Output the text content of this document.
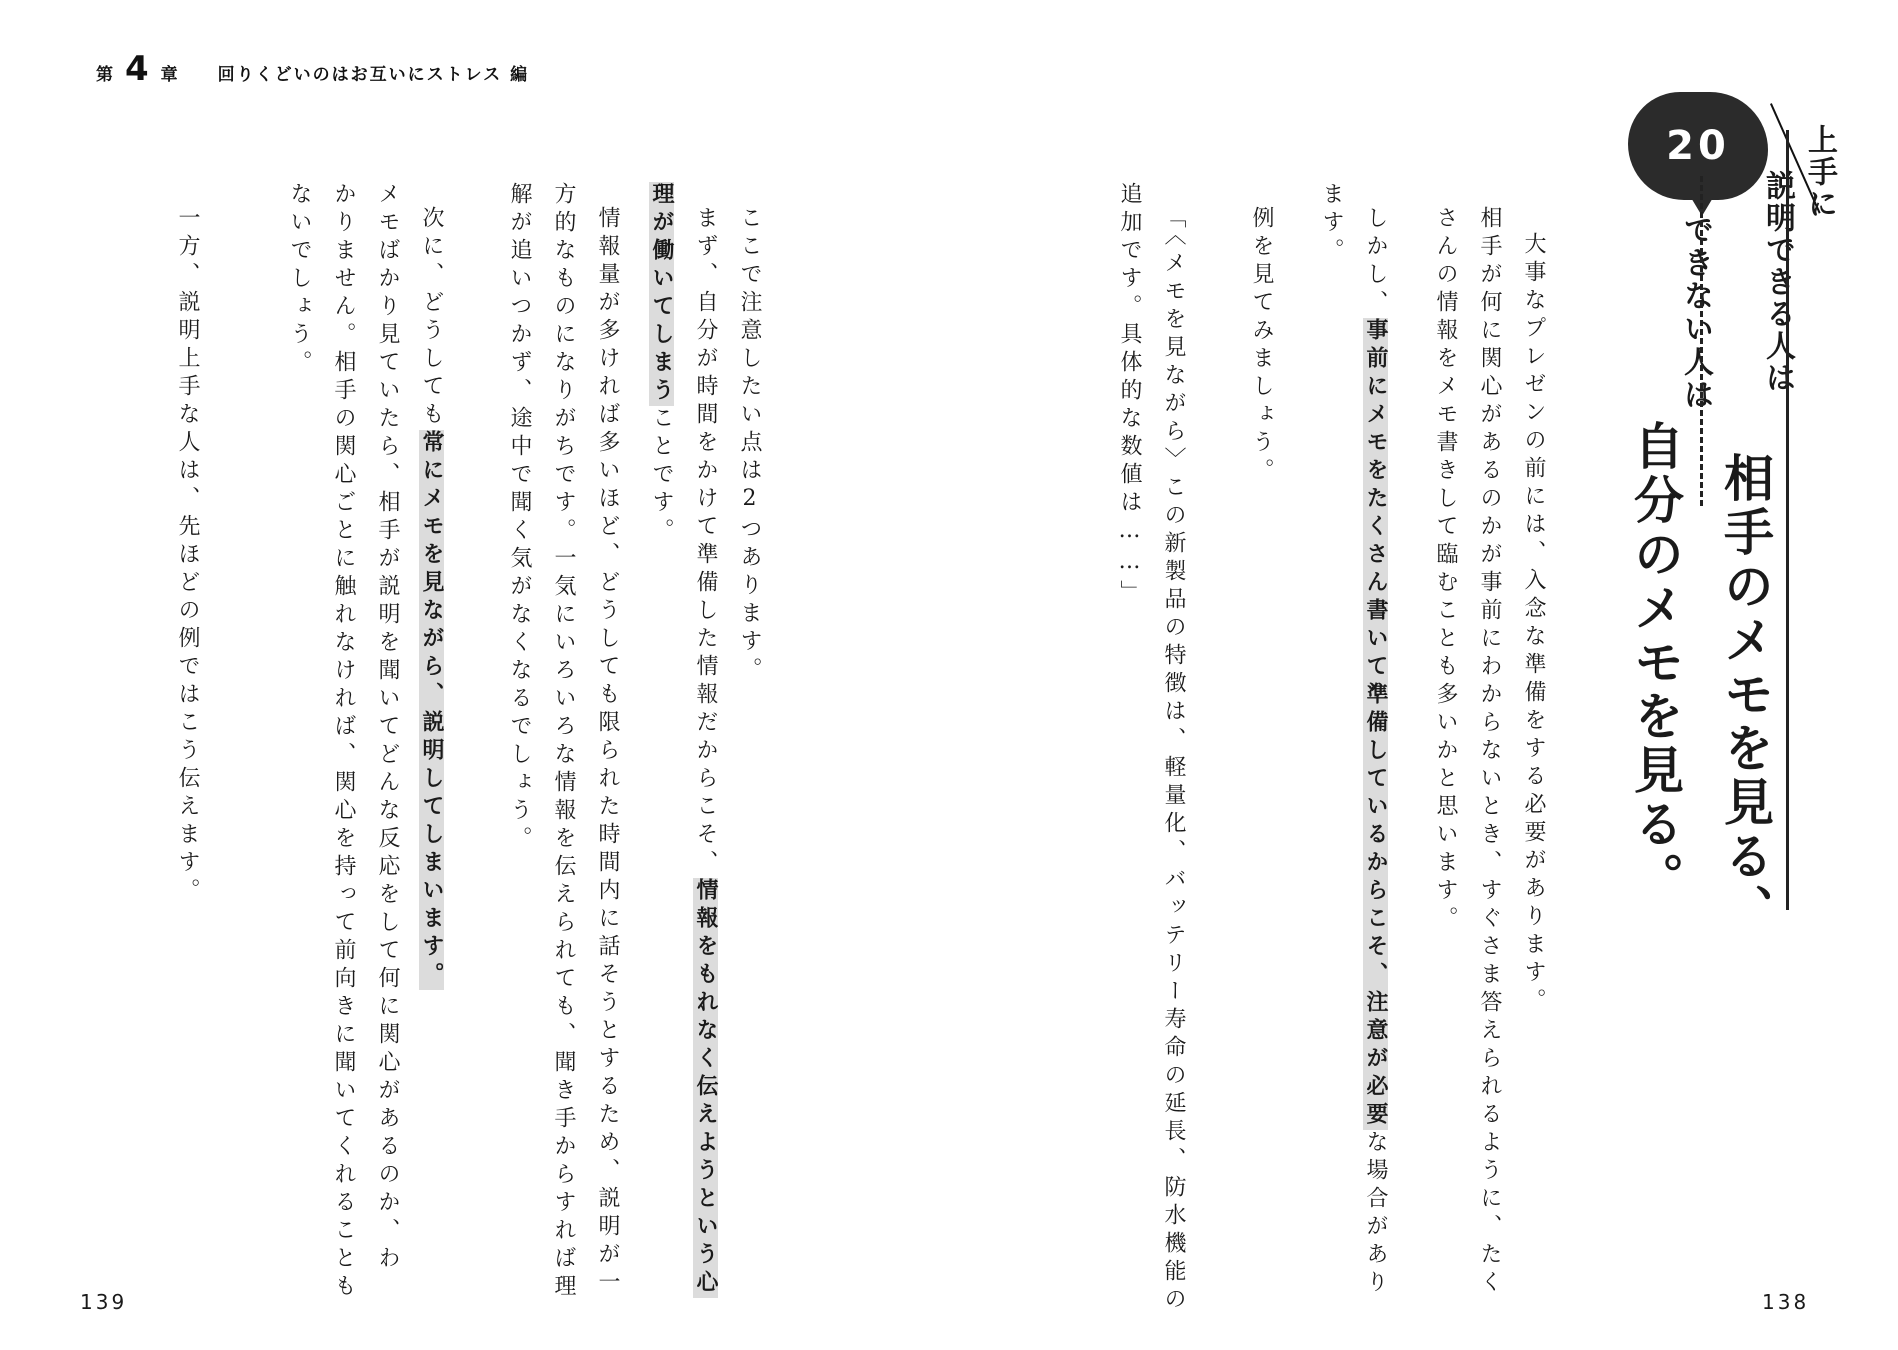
第 4 章 回りくどいのはお互いにストレス 編
20 上手に
説明できる人は
相手のメモを見る、
できない人は
自分のメモを見る。
大事なプレゼンの前には、入念な準備をする必要があります。
相手が何に関心があるのかが事前にわからないとき、すぐさま答えられるように、たく
さんの情報をメモ書きして臨むことも多いかと思います。
しかし、事前にメモをたくさん書いて準備しているからこそ、注意が必要な場合があり
ます。
例を見てみましょう。
「〈メモを見ながら〉この新製品の特徴は、軽量化、バッテリー寿命の延長、防水機能の
追加です。具体的な数値は……」
ここで注意したい点は2つあります。
まず、自分が時間をかけて準備した情報だからこそ、情報をもれなく伝えようという心
理が働いてしまうことです。
情報量が多ければ多いほど、どうしても限られた時間内に話そうとするため、説明が一
方的なものになりがちです。一気にいろいろな情報を伝えられても、聞き手からすれば理
解が追いつかず、途中で聞く気がなくなるでしょう。
次に、どうしても常にメモを見ながら、説明してしまいます。
メモばかり見ていたら、相手が説明を聞いてどんな反応をして何に関心があるのか、わ
かりません。相手の関心ごとに触れなければ、関心を持って前向きに聞いてくれることも
ないでしょう。
一方、説明上手な人は、先ほどの例ではこう伝えます。
139	138
